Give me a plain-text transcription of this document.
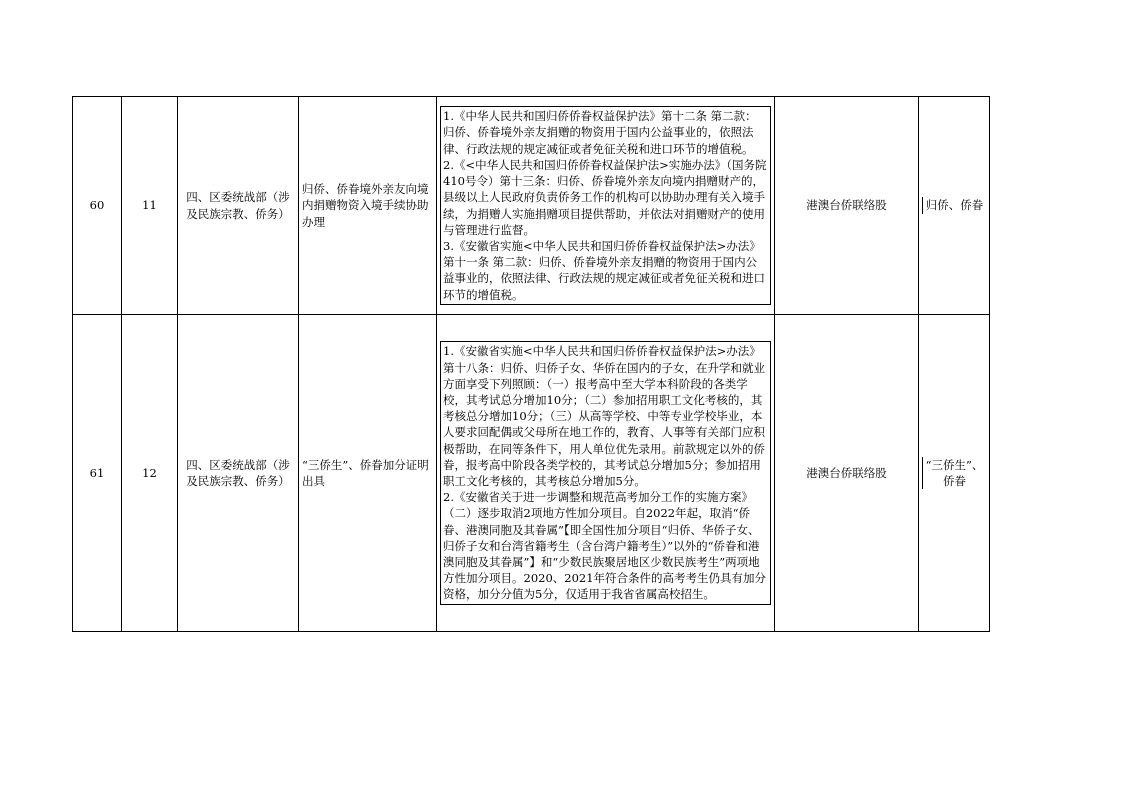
60	11	四、区委统战部（涉及民族宗教、侨务）	归侨、侨眷境外亲友向境内捐赠物资入境手续协助办理	1.《中华人民共和国归侨侨眷权益保护法》第十二条 第二款：归侨、侨眷境外亲友捐赠的物资用于国内公益事业的，依照法律、行政法规的规定减征或者免征关税和进口环节的增值税。
2.《<中华人民共和国归侨侨眷权益保护法>实施办法》（国务院410号令）第十三条：归侨、侨眷境外亲友向境内捐赠财产的，县级以上人民政府负责侨务工作的机构可以协助办理有关入境手续，为捐赠人实施捐赠项目提供帮助，并依法对捐赠财产的使用与管理进行监督。
3.《安徽省实施<中华人民共和国归侨侨眷权益保护法>办法》第十一条 第二款：归侨、侨眷境外亲友捐赠的物资用于国内公益事业的，依照法律、行政法规的规定减征或者免征关税和进口环节的增值税。	港澳台侨联络股	归侨、侨眷

61	12	四、区委统战部（涉及民族宗教、侨务）	“三侨生”、侨眷加分证明出具	1.《安徽省实施<中华人民共和国归侨侨眷权益保护法>办法》第十八条：归侨、归侨子女、华侨在国内的子女，在升学和就业方面享受下列照顾：（一）报考高中至大学本科阶段的各类学校，其考试总分增加10分；（二）参加招用职工文化考核的，其考核总分增加10分；（三）从高等学校、中等专业学校毕业，本人要求回配偶或父母所在地工作的，教育、人事等有关部门应积极帮助，在同等条件下，用人单位优先录用。前款规定以外的侨眷，报考高中阶段各类学校的，其考试总分增加5分；参加招用职工文化考核的，其考核总分增加5分。
2.《安徽省关于进一步调整和规范高考加分工作的实施方案》（二）逐步取消2项地方性加分项目。自2022年起，取消“侨眷、港澳同胞及其眷属”【即全国性加分项目“归侨、华侨子女、归侨子女和台湾省籍考生（含台湾户籍考生）”以外的“侨眷和港澳同胞及其眷属”】和“少数民族聚居地区少数民族考生”两项地方性加分项目。2020、2021年符合条件的高考考生仍具有加分资格，加分分值为5分，仅适用于我省省属高校招生。	港澳台侨联络股	“三侨生”、侨眷
